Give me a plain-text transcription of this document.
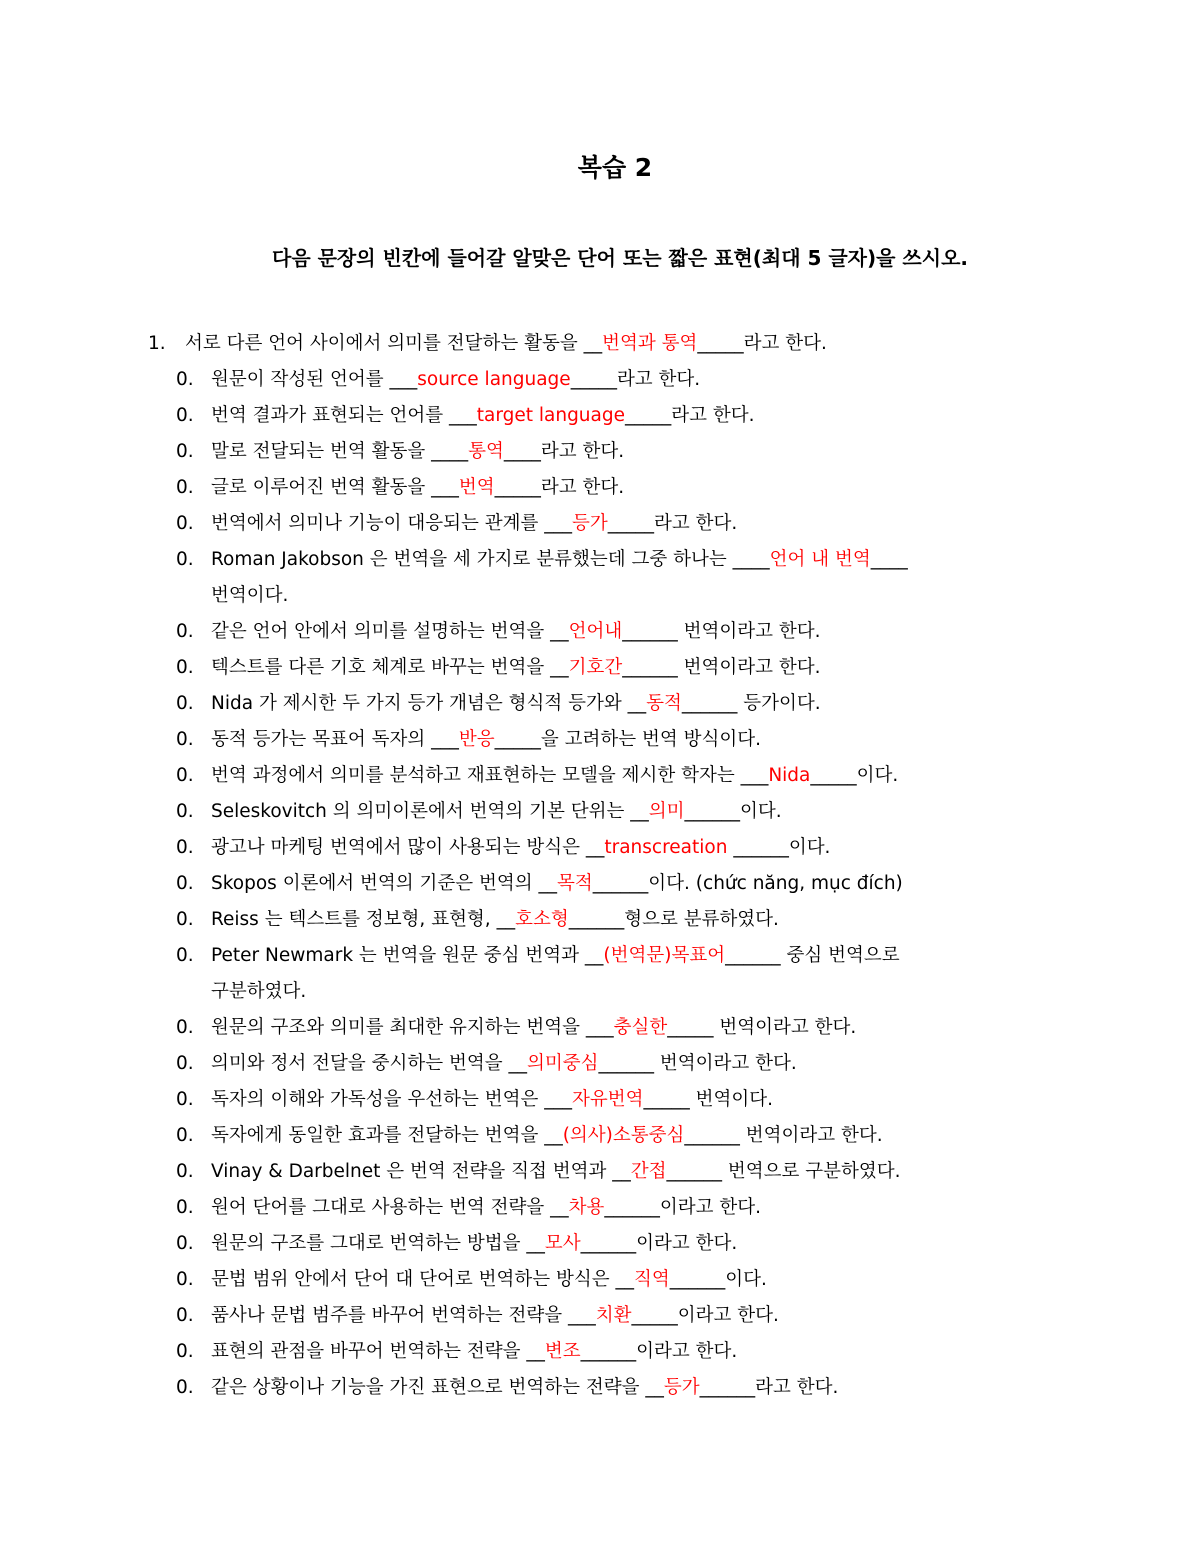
복습 2
다음 문장의 빈칸에 들어갈 알맞은 단어 또는 짧은 표현(최대 5 글자)을 쓰시오.
1. 서로 다른 언어 사이에서 의미를 전달하는 활동을 __번역과 통역_____라고 한다.
0. 원문이 작성된 언어를 ___source language_____라고 한다.
0. 번역 결과가 표현되는 언어를 ___target language_____라고 한다.
0. 말로 전달되는 번역 활동을 ____통역____라고 한다.
0. 글로 이루어진 번역 활동을 ___번역_____라고 한다.
0. 번역에서 의미나 기능이 대응되는 관계를 ___등가_____라고 한다.
0. Roman Jakobson 은 번역을 세 가지로 분류했는데 그중 하나는 ____언어 내 번역____
번역이다.
0. 같은 언어 안에서 의미를 설명하는 번역을 __언어내______ 번역이라고 한다.
0. 텍스트를 다른 기호 체계로 바꾸는 번역을 __기호간______ 번역이라고 한다.
0. Nida 가 제시한 두 가지 등가 개념은 형식적 등가와 __동적______ 등가이다.
0. 동적 등가는 목표어 독자의 ___반응_____을 고려하는 번역 방식이다.
0. 번역 과정에서 의미를 분석하고 재표현하는 모델을 제시한 학자는 ___Nida_____이다.
0. Seleskovitch 의 의미이론에서 번역의 기본 단위는 __의미______이다.
0. 광고나 마케팅 번역에서 많이 사용되는 방식은 __transcreation ______이다.
0. Skopos 이론에서 번역의 기준은 번역의 __목적______이다. (chức năng, mục đích)
0. Reiss 는 텍스트를 정보형, 표현형, __호소형______형으로 분류하였다.
0. Peter Newmark 는 번역을 원문 중심 번역과 __(번역문)목표어______ 중심 번역으로
구분하였다.
0. 원문의 구조와 의미를 최대한 유지하는 번역을 ___충실한_____ 번역이라고 한다.
0. 의미와 정서 전달을 중시하는 번역을 __의미중심______ 번역이라고 한다.
0. 독자의 이해와 가독성을 우선하는 번역은 ___자유번역_____ 번역이다.
0. 독자에게 동일한 효과를 전달하는 번역을 __(의사)소통중심______ 번역이라고 한다.
0. Vinay & Darbelnet 은 번역 전략을 직접 번역과 __간접______ 번역으로 구분하였다.
0. 원어 단어를 그대로 사용하는 번역 전략을 __차용______이라고 한다.
0. 원문의 구조를 그대로 번역하는 방법을 __모사______이라고 한다.
0. 문법 범위 안에서 단어 대 단어로 번역하는 방식은 __직역______이다.
0. 품사나 문법 범주를 바꾸어 번역하는 전략을 ___치환_____이라고 한다.
0. 표현의 관점을 바꾸어 번역하는 전략을 __변조______이라고 한다.
0. 같은 상황이나 기능을 가진 표현으로 번역하는 전략을 __등가______라고 한다.
